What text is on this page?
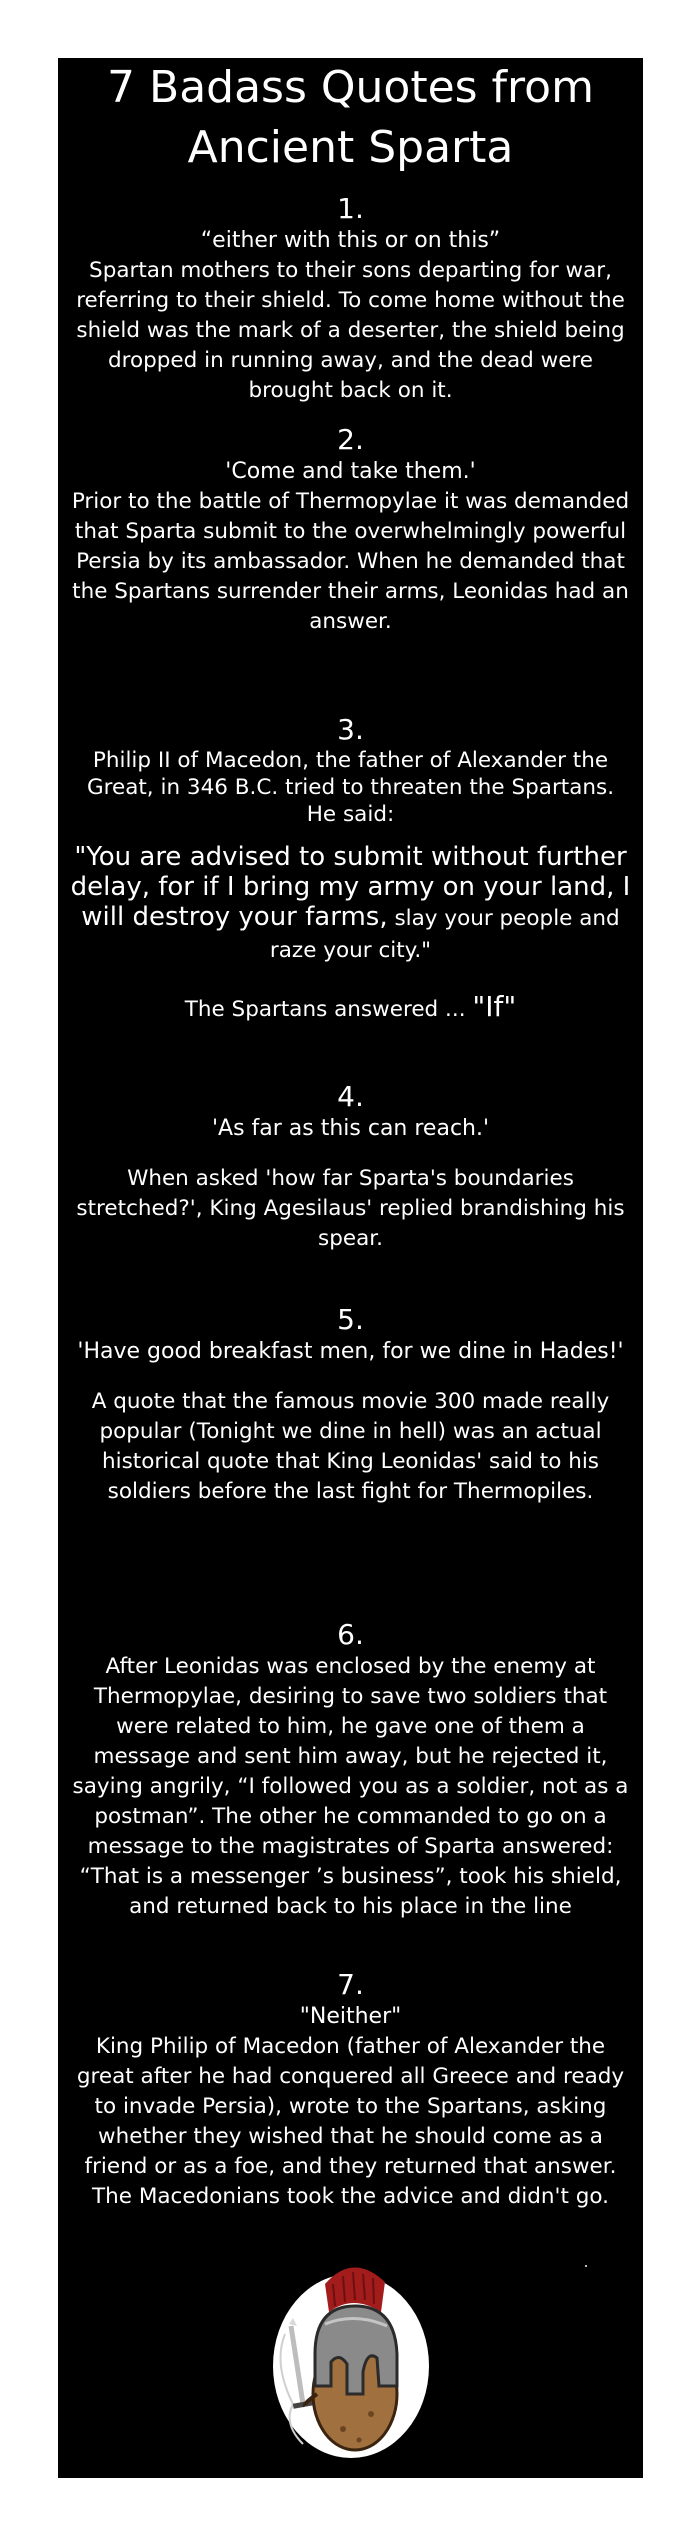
7 Badass Quotes from
Ancient Sparta
1.
“either with this or on this”
Spartan mothers to their sons departing for war, referring to their shield. To come home without the shield was the mark of a deserter, the shield being dropped in running away, and the dead were brought back on it.
2.
'Come and take them.'
Prior to the battle of Thermopylae it was demanded that Sparta submit to the overwhelmingly powerful Persia by its ambassador. When he demanded that the Spartans surrender their arms, Leonidas had an answer.
3.
Philip II of Macedon, the father of Alexander the Great, in 346 B.C. tried to threaten the Spartans. He said:
"You are advised to submit without further delay, for if I bring my army on your land, I will destroy your farms, slay your people and raze your city."
The Spartans answered ... "If"
4.
'As far as this can reach.'
When asked 'how far Sparta's boundaries stretched?', King Agesilaus' replied brandishing his spear.
5.
'Have good breakfast men, for we dine in Hades!'
A quote that the famous movie 300 made really popular (Tonight we dine in hell) was an actual historical quote that King Leonidas' said to his soldiers before the last fight for Thermopiles.
6.
After Leonidas was enclosed by the enemy at Thermopylae, desiring to save two soldiers that were related to him, he gave one of them a message and sent him away, but he rejected it, saying angrily, “I followed you as a soldier, not as a postman”. The other he commanded to go on a message to the magistrates of Sparta answered: “That is a messenger ’s business”, took his shield, and returned back to his place in the line
7.
"Neither"
King Philip of Macedon (father of Alexander the great after he had conquered all Greece and ready to invade Persia), wrote to the Spartans, asking whether they wished that he should come as a friend or as a foe, and they returned that answer. The Macedonians took the advice and didn't go.
